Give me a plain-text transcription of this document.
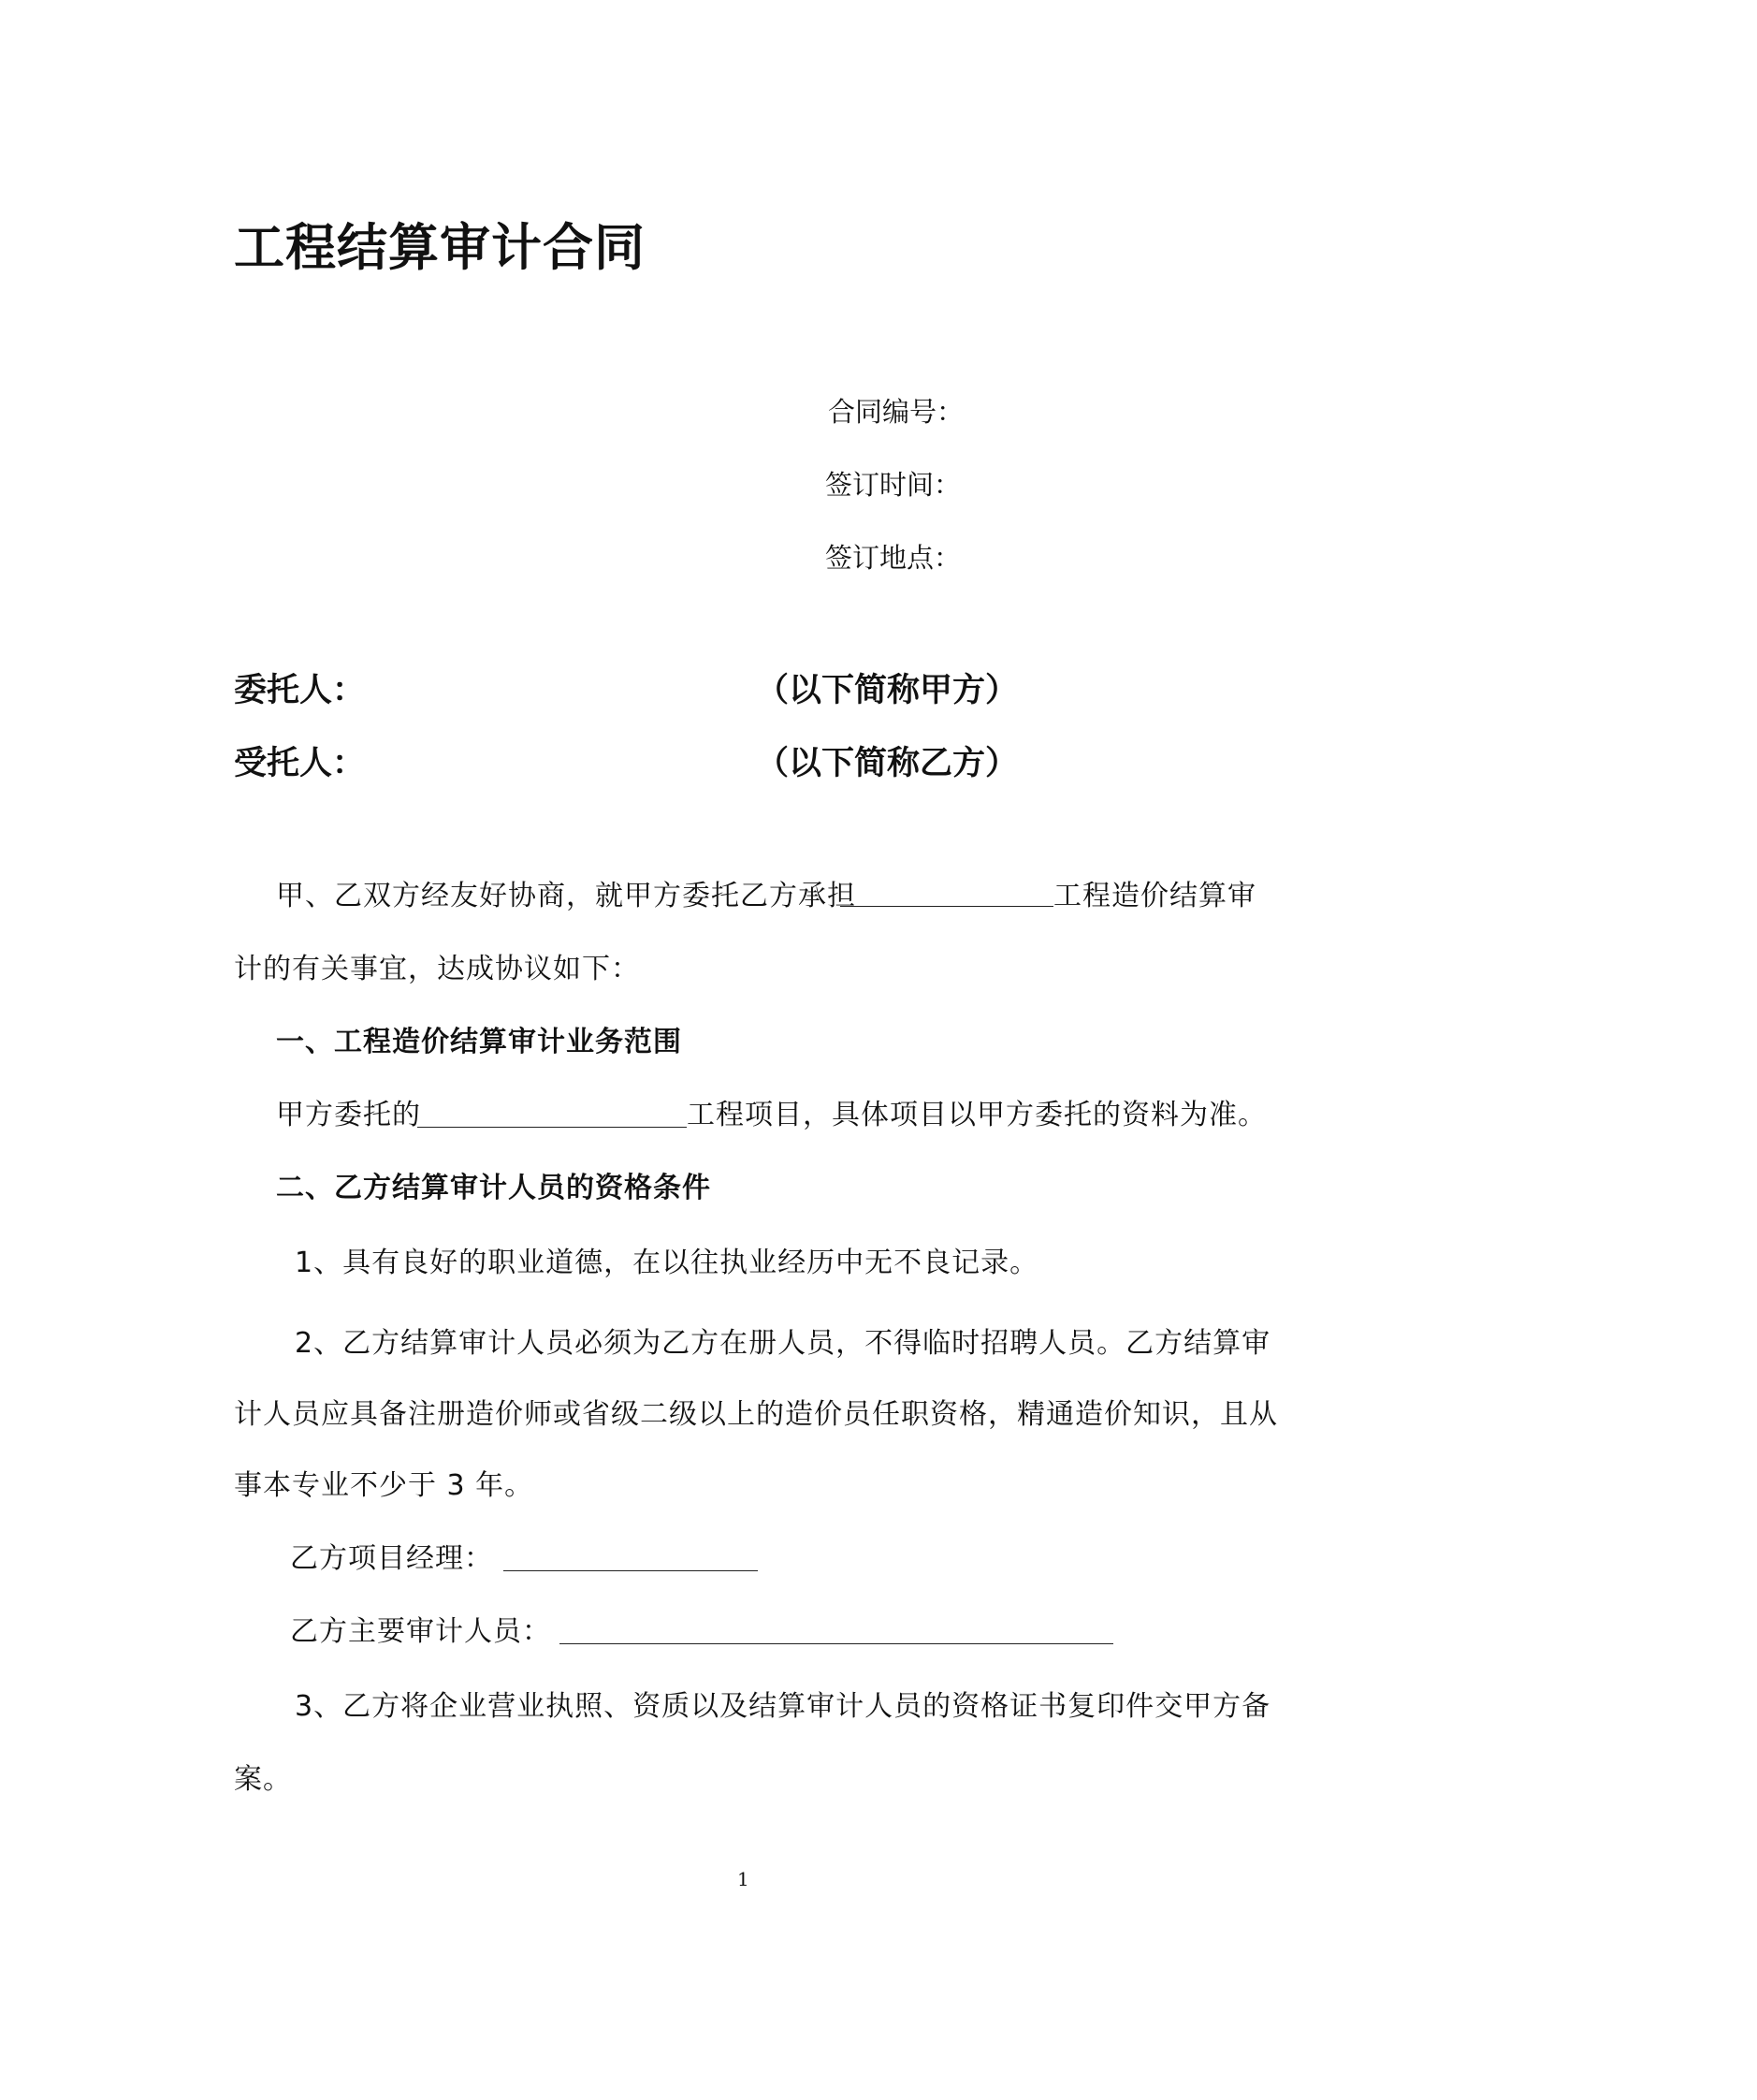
工程结算审计合同
合同编号：
签订时间：
签订地点：
委托人：	（以下简称甲方）
受托人：	（以下简称乙方）
甲、乙双方经友好协商，就甲方委托乙方承担	工程造价结算审
计的有关事宜，达成协议如下：
一、工程造价结算审计业务范围
甲方委托的	工程项目，具体项目以甲方委托的资料为准。
二、乙方结算审计人员的资格条件
1、具有良好的职业道德，在以往执业经历中无不良记录。
2、乙方结算审计人员必须为乙方在册人员，不得临时招聘人员。乙方结算审
计人员应具备注册造价师或省级二级以上的造价员任职资格，精通造价知识，且从
事本专业不少于 3 年。
乙方项目经理：
乙方主要审计人员：
3、乙方将企业营业执照、资质以及结算审计人员的资格证书复印件交甲方备
案。
1
